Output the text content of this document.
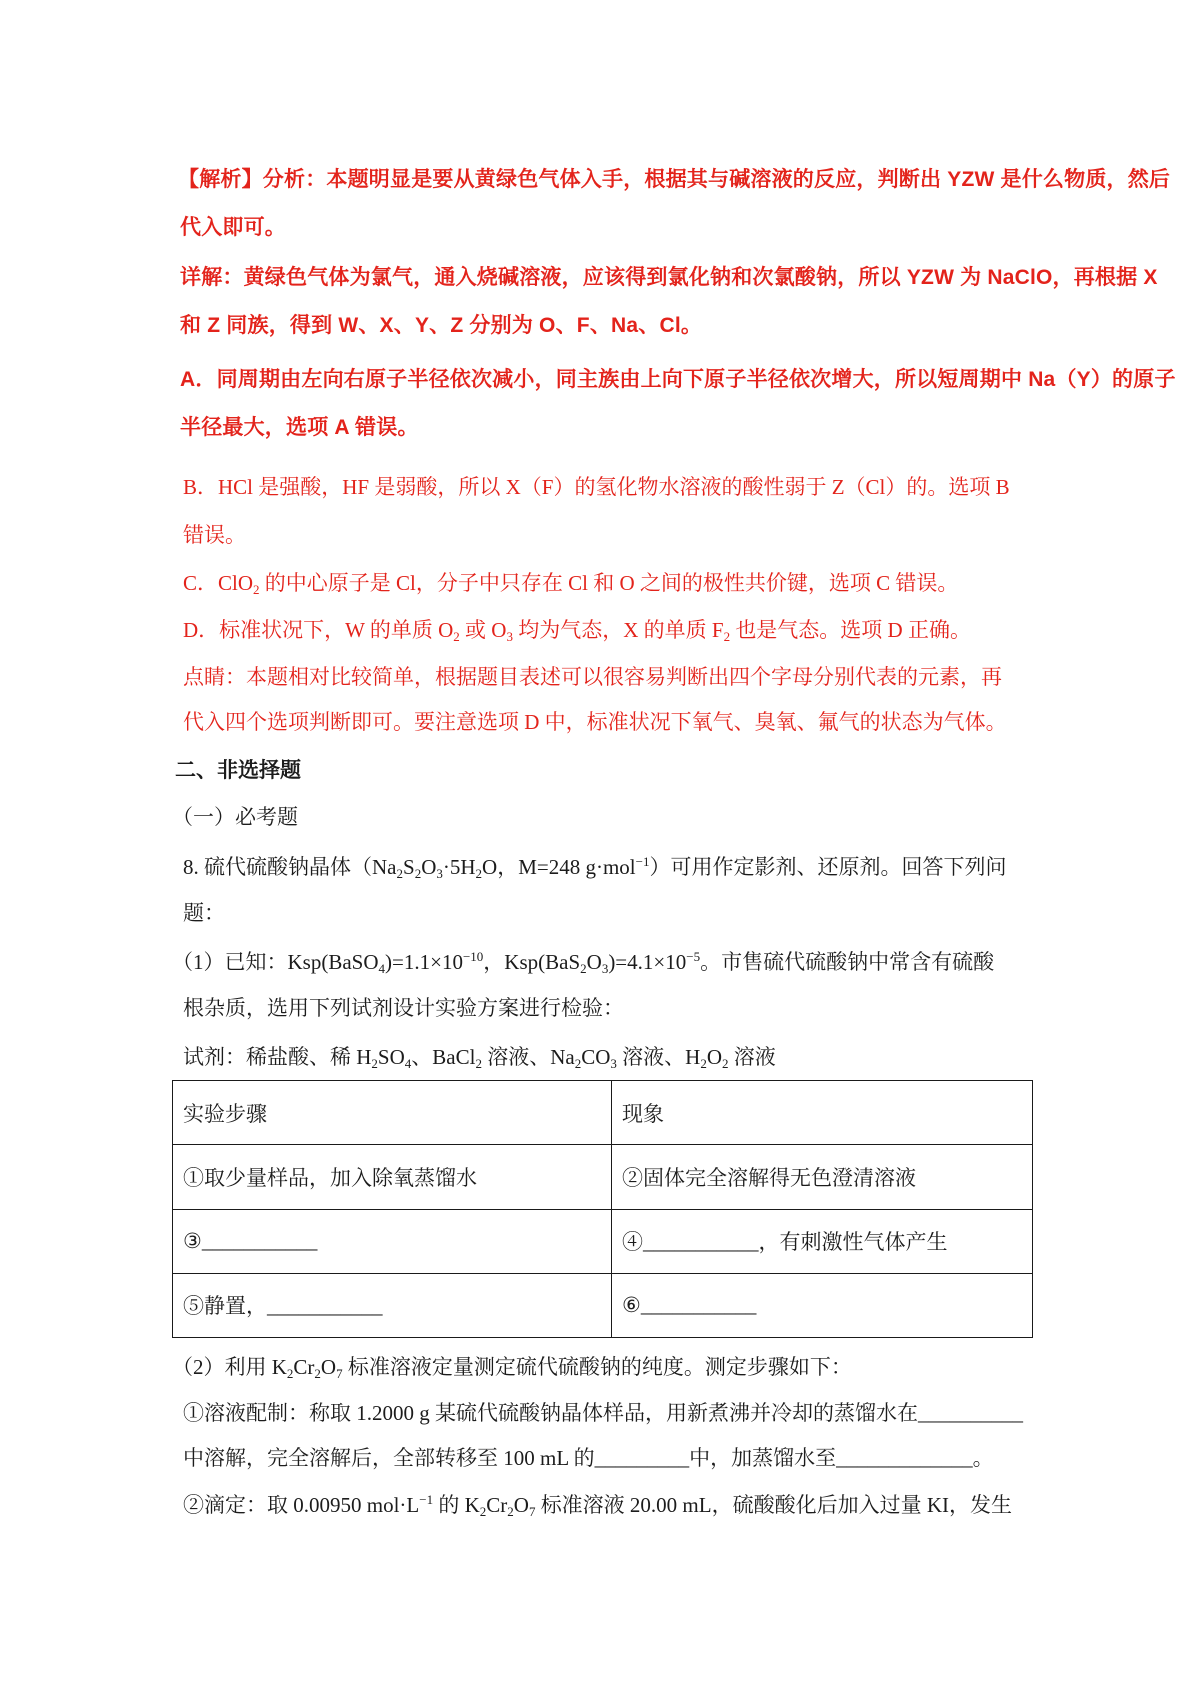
【解析】分析：本题明显是要从黄绿色气体入手，根据其与碱溶液的反应，判断出 YZW 是什么物质，然后
代入即可。
详解：黄绿色气体为氯气，通入烧碱溶液，应该得到氯化钠和次氯酸钠，所以 YZW 为 NaClO，再根据 X
和 Z 同族，得到 W、X、Y、Z 分别为 O、F、Na、Cl。
A．同周期由左向右原子半径依次减小，同主族由上向下原子半径依次增大，所以短周期中 Na（Y）的原子
半径最大，选项 A 错误。
B．HCl 是强酸，HF 是弱酸，所以 X（F）的氢化物水溶液的酸性弱于 Z（Cl）的。选项 B
错误。
C．ClO$_2$ 的中心原子是 Cl，分子中只存在 Cl 和 O 之间的极性共价键，选项 C 错误。
D．标准状况下，W 的单质 $O_2$ 或 $O_3$ 均为气态，X 的单质 $F_2$ 也是气态。选项 D 正确。
点睛：本题相对比较简单，根据题目表述可以很容易判断出四个字母分别代表的元素，再
代入四个选项判断即可。要注意选项 D 中，标准状况下氧气、臭氧、氟气的状态为气体。
二、非选择题
（一）必考题
8. 硫代硫酸钠晶体（$Na_2S_2O_3\cdot 5H_2O$，M=248 g·mol$^{-1}$）可用作定影剂、还原剂。回答下列问
题：
（1）已知：$Ksp(BaSO_4)=1.1\times 10^{-10}$，$Ksp(BaS_2O_3)=4.1\times 10^{-5}$。市售硫代硫酸钠中常含有硫酸
根杂质，选用下列试剂设计实验方案进行检验：
试剂：稀盐酸、稀 $H_2SO_4$、BaCl$_2$ 溶液、$Na_2CO_3$ 溶液、$H_2O_2$ 溶液
（2）利用 $K_2Cr_2O_7$ 标准溶液定量测定硫代硫酸钠的纯度。测定步骤如下：
①溶液配制：称取 1.2000 g 某硫代硫酸钠晶体样品，用新煮沸并冷却的蒸馏水在__________
中溶解，完全溶解后，全部转移至 100 mL 的_________中，加蒸馏水至_____________。
②滴定：取 0.00950 $mol\cdot L^{-1}$ 的 $K_2Cr_2O_7$ 标准溶液 20.00 mL，硫酸酸化后加入过量 KI，发生
实验步骤	现象
①取少量样品，加入除氧蒸馏水	②固体完全溶解得无色澄清溶液
③___________	④___________，有刺激性气体产生
⑤静置，___________	⑥___________
